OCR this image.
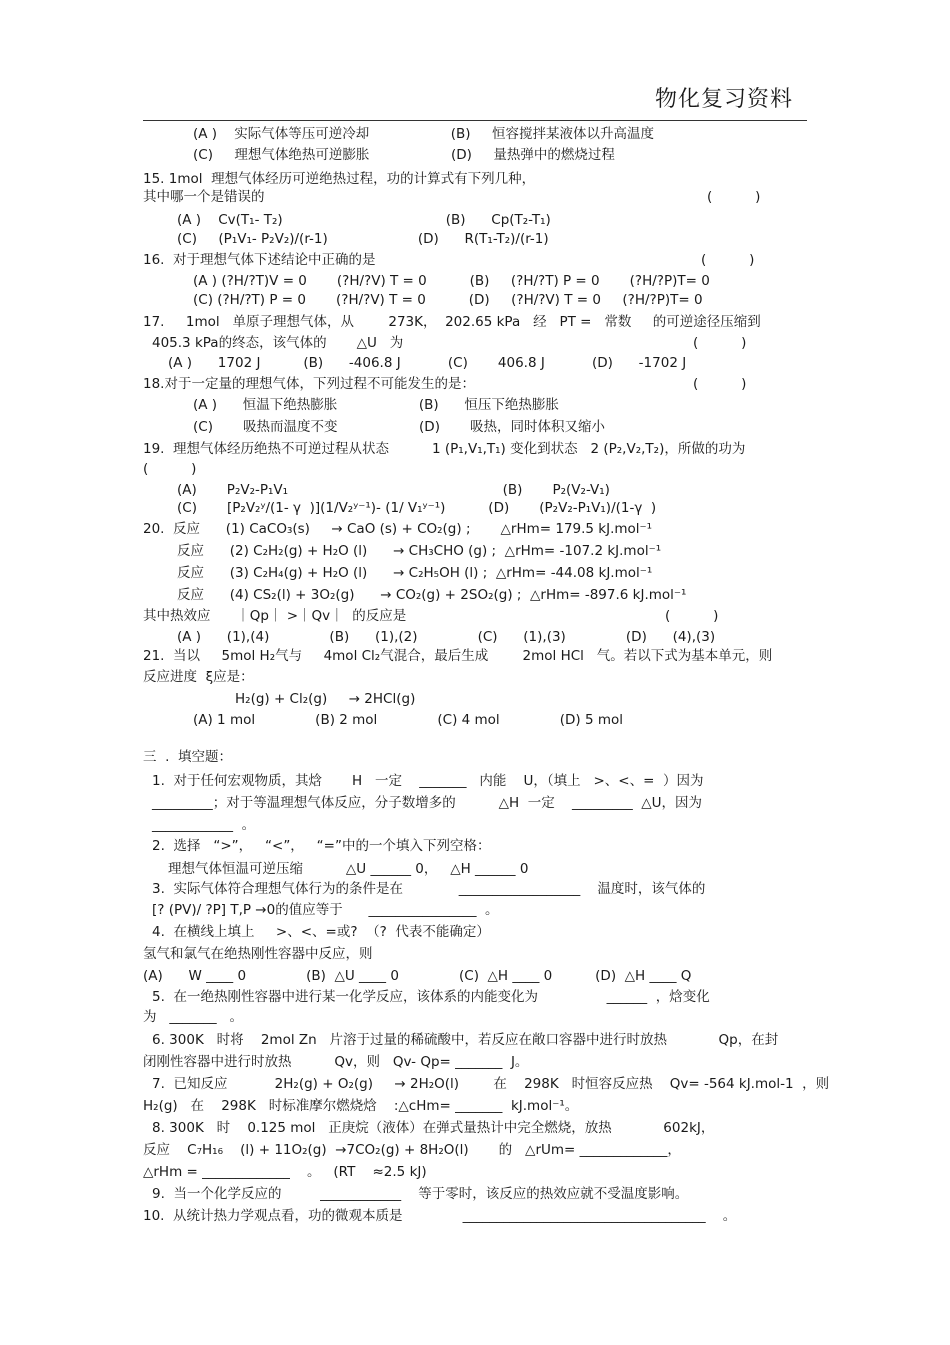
物化复习资料
(A )    实际气体等压可逆冷却                   (B)     恒容搅拌某液体以升高温度
(C)     理想气体绝热可逆膨胀                   (D)     量热弹中的燃烧过程
15. 1mol  理想气体经历可逆绝热过程，功的计算式有下列几种，
其中哪一个是错误的	(          )
(A )    Cv(T₁- T₂)                                      (B)      Cp(T₂-T₁)
(C)     (P₁V₁- P₂V₂)/(r-1)                     (D)      R(T₁-T₂)/(r-1)
16.  对于理想气体下述结论中正确的是	(          )
(A ) (?H/?T)V = 0       (?H/?V) T = 0          (B)     (?H/?T) P = 0       (?H/?P)T= 0
(C) (?H/?T) P = 0       (?H/?V) T = 0          (D)     (?H/?V) T = 0     (?H/?P)T= 0
17.     1mol   单原子理想气体，从        273K，  202.65 kPa   经   PT =   常数     的可逆途径压缩到
405.3 kPa的终态，该气体的       △U   为	(          )
(A )      1702 J          (B)      -406.8 J           (C)       406.8 J           (D)      -1702 J
18.对于一定量的理想气体，下列过程不可能发生的是：	(          )
(A )      恒温下绝热膨胀                   (B)      恒压下绝热膨胀
(C)       吸热而温度不变                   (D)       吸热，同时体积又缩小
19.  理想气体经历绝热不可逆过程从状态          1 (P₁,V₁,T₁) 变化到状态   2 (P₂,V₂,T₂)，所做的功为
(          )
(A)       P₂V₂-P₁V₁                                                  (B)       P₂(V₂-V₁)
(C)       [P₂V₂ʸ/(1- γ  )](1/V₂ʸ⁻¹)- (1/ V₁ʸ⁻¹)          (D)       (P₂V₂-P₁V₁)/(1-γ  )
20.  反应      (1) CaCO₃(s)     → CaO (s) + CO₂(g) ;       △rHm= 179.5 kJ.mol⁻¹
反应      (2) C₂H₂(g) + H₂O (l)      → CH₃CHO (g) ;  △rHm= -107.2 kJ.mol⁻¹
反应      (3) C₂H₄(g) + H₂O (l)      → C₂H₅OH (l) ;  △rHm= -44.08 kJ.mol⁻¹
反应      (4) CS₂(l) + 3O₂(g)      → CO₂(g) + 2SO₂(g) ;  △rHm= -897.6 kJ.mol⁻¹
其中热效应      ｜Qp｜ >｜Qv｜  的反应是	(          )
(A )      (1),(4)              (B)      (1),(2)              (C)      (1),(3)              (D)      (4),(3)
21.  当以     5mol H₂气与     4mol Cl₂气混合，最后生成        2mol HCl   气。若以下式为基本单元，则
反应进度  ξ应是：
H₂(g) + Cl₂(g)     → 2HCl(g)
(A) 1 mol              (B) 2 mol              (C) 4 mol              (D) 5 mol
三  .  填空题：
1.  对于任何宏观物质，其焓       H   一定    _______   内能    U，（填上   >、<、=  ）因为
_________；对于等温理想气体反应，分子数增多的          △H  一定    _________  △U，因为
____________  。
2.  选择   “>”，   “<”，   “=”中的一个填入下列空格：
理想气体恒温可逆压缩          △U ______ 0，   △H ______ 0
3.  实际气体符合理想气体行为的条件是在             __________________    温度时，该气体的
[? (PV)/ ?P] T,P →0的值应等于      ________________  。
4.  在横线上填上     >、<、=或?  （?  代表不能确定）
氢气和氯气在绝热刚性容器中反应，则
(A)      W ____ 0              (B)  △U ____ 0              (C)  △H ____ 0          (D)  △H ____ Q
5.  在一绝热刚性容器中进行某一化学反应，该体系的内能变化为                ______  ，焓变化
为   _______   。
6. 300K   时将    2mol Zn   片溶于过量的稀硫酸中，若反应在敞口容器中进行时放热            Qp，在封
闭刚性容器中进行时放热          Qv，则   Qv- Qp= _______  J。
7.  已知反应           2H₂(g) + O₂(g)     → 2H₂O(l)        在    298K   时恒容反应热    Qv= -564 kJ.mol-1  ，则
H₂(g)   在    298K   时标准摩尔燃烧焓    :△cHm= _______  kJ.mol⁻¹。
8. 300K   时    0.125 mol   正庚烷（液体）在弹式量热计中完全燃烧，放热            602kJ，
反应    C₇H₁₆    (l) + 11O₂(g)  →7CO₂(g) + 8H₂O(l)       的   △rUm= _____________，
△rHm = _____________    。   (RT    ≈2.5 kJ)
9.  当一个化学反应的         ____________    等于零时，该反应的热效应就不受温度影响。
10.  从统计热力学观点看，功的微观本质是              ____________________________________    。
